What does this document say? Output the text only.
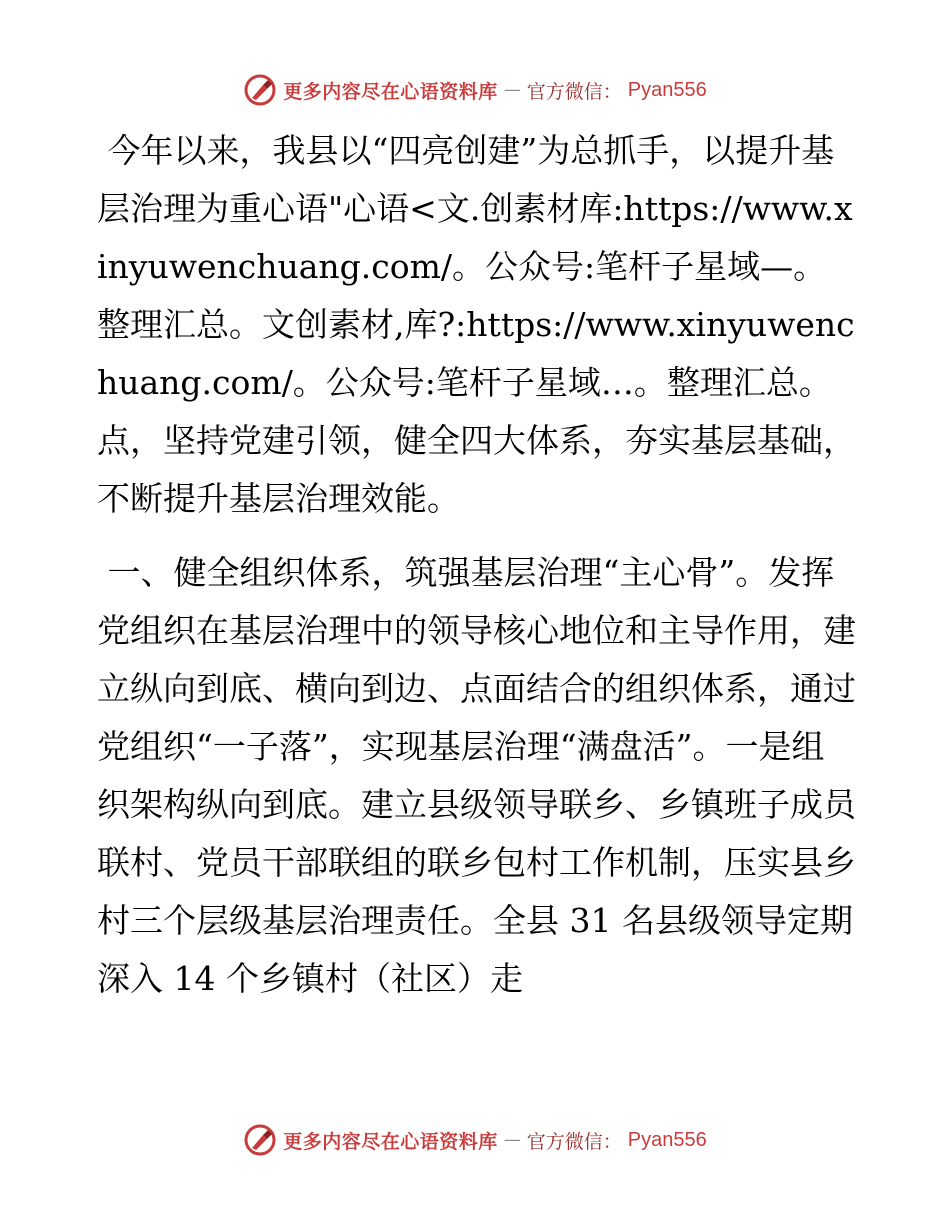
更多内容尽在心语资料库 — 官方微信： Pyan556

今年以来，我县以“四亮创建”为总抓手，以提升基层治理为重心语"心语<文.创素材库:https://www.xinyuwenchuang.com/。公众号:笔杆子星域—。整理汇总。文创素材,库?:https://www.xinyuwenchuang.com/。公众号:笔杆子星域…。整理汇总。点，坚持党建引领，健全四大体系，夯实基层基础，不断提升基层治理效能。

一、健全组织体系，筑强基层治理“主心骨”。发挥党组织在基层治理中的领导核心地位和主导作用，建立纵向到底、横向到边、点面结合的组织体系，通过党组织“一子落”，实现基层治理“满盘活”。一是组织架构纵向到底。建立县级领导联乡、乡镇班子成员联村、党员干部联组的联乡包村工作机制，压实县乡村三个层级基层治理责任。全县 31 名县级领导定期深入 14 个乡镇村（社区）走

更多内容尽在心语资料库 — 官方微信： Pyan556
